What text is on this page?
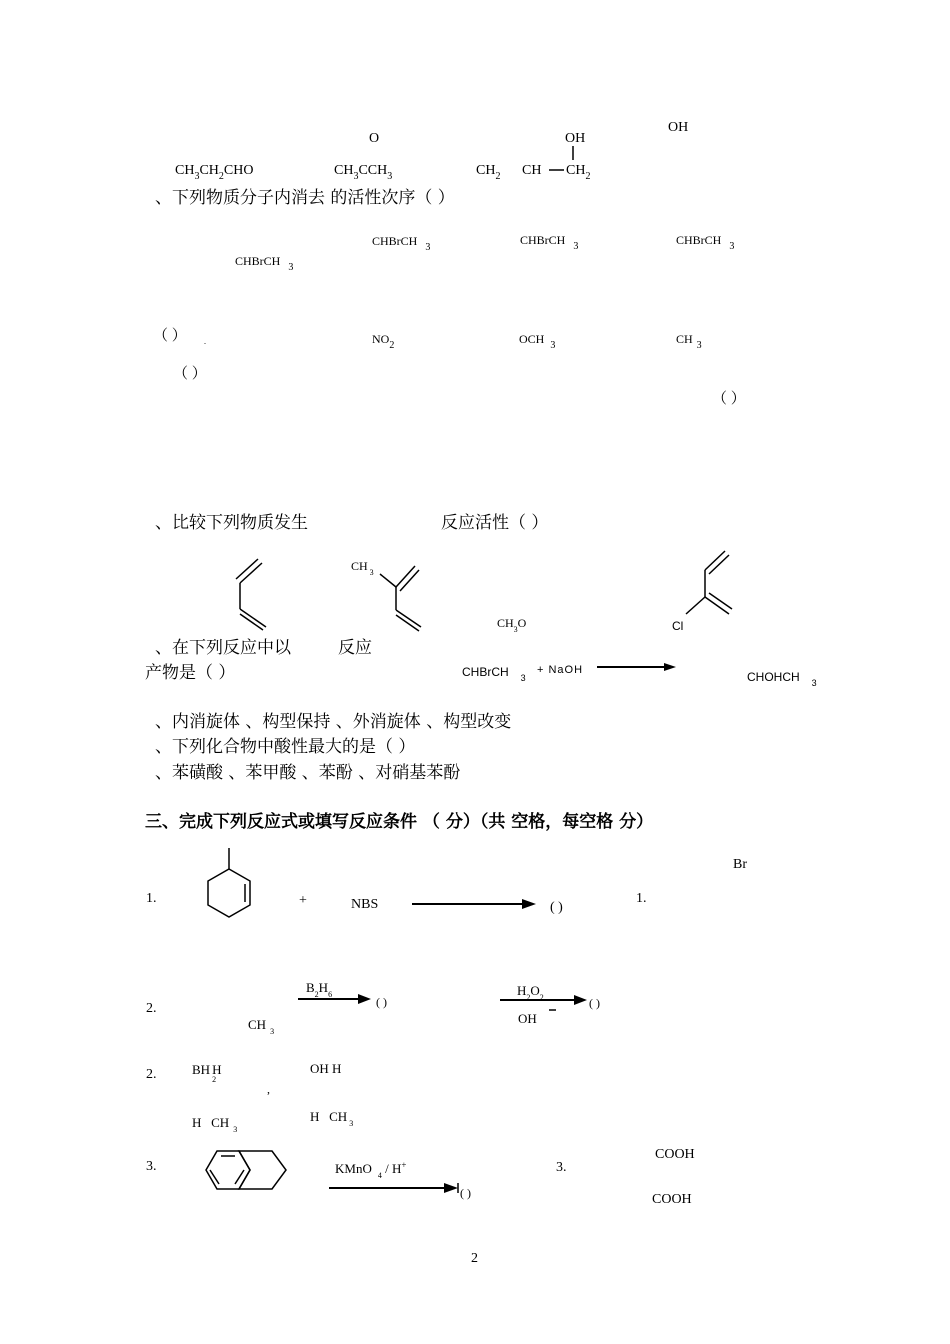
O	OH
OH
$CH_3CH_2CHO$	$CH_3CCH_3$	$CH_2$ CH $CH_2$
、下列物质分子内消去 的活性次序（ ）
CHBrCH $_3$
CHBrCH $_3$	CHBrCH $_3$
CHBrCH $_3$
（ ） .	$NO_2$	OCH $_3$	CH $_3$
（ ）
（ ）
、比较下列物质发生	反应活性（ ）
CH $_3$
$CH_3O$	Cl
、在下列反应中以	反应
产物是（ ）	CHBrCH $_3$
+ NaOH	CHOHCH $_3$
、内消旋体 、构型保持 、外消旋体 、构型改变
、下列化合物中酸性最大的是（ ）
、苯磺酸 、苯甲酸 、苯酚 、对硝基苯酚
三、完成下列反应式或填写反应条件 （ 分）（共 空格，每空格 分）
1.	+	NBS	( )
1.
Br
2.
$B_2H_6$
( )
$H_2O_2$
OH
( )
CH $_3$
2.	$BH_2H$
,
OH H
H   CH $_3$
H   CH $_3$
3.	KMnO $_4$ / H+
( )
3.
COOH
COOH
2
